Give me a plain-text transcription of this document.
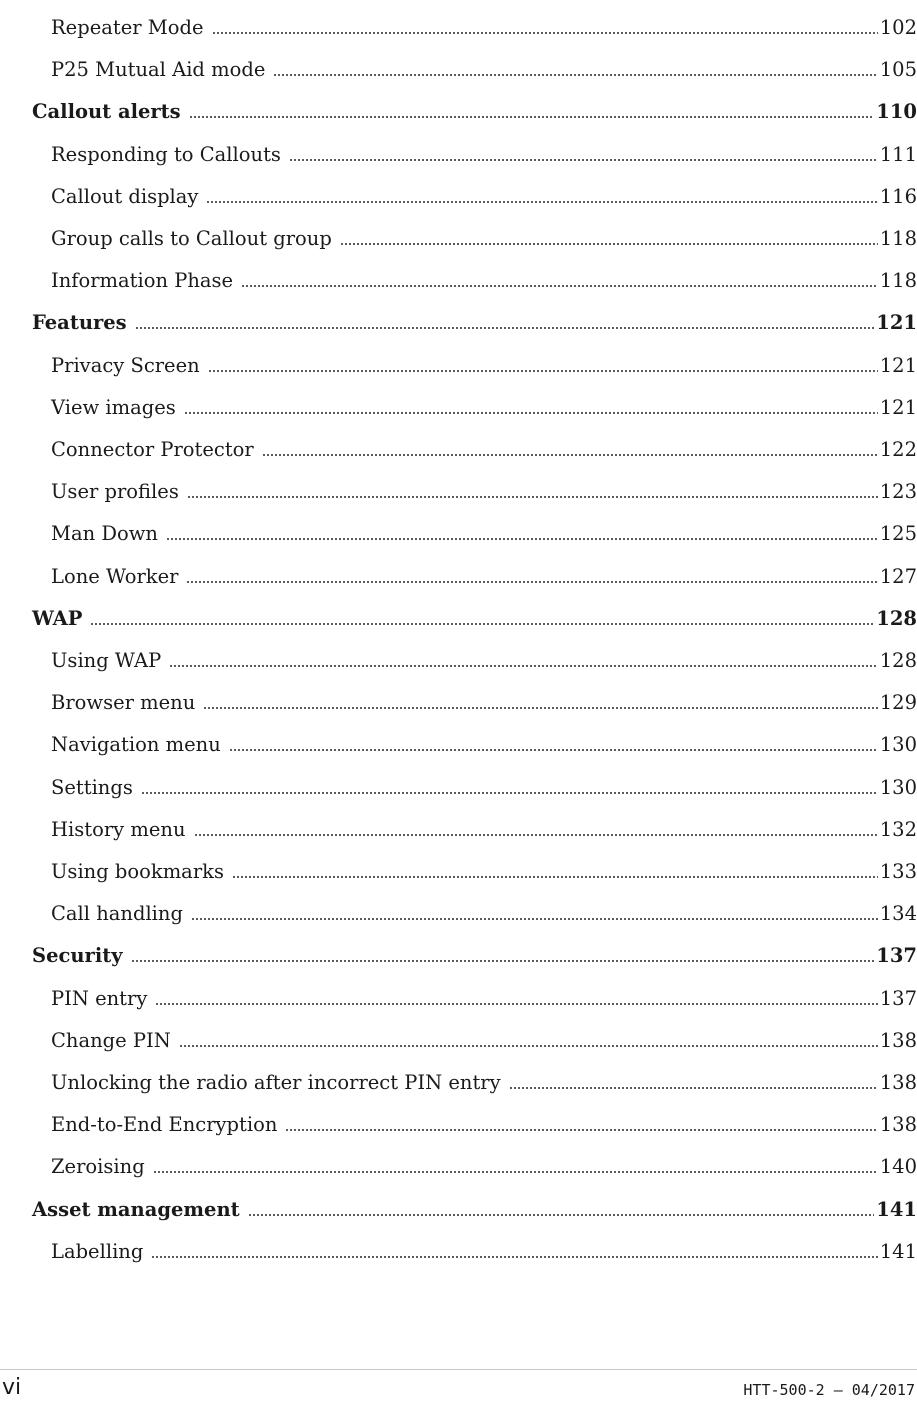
Repeater Mode	102
P25 Mutual Aid mode	105
Callout alerts	110
Responding to Callouts	111
Callout display	116
Group calls to Callout group	118
Information Phase	118
Features	121
Privacy Screen	121
View images	121
Connector Protector	122
User profiles	123
Man Down	125
Lone Worker	127
WAP	128
Using WAP	128
Browser menu	129
Navigation menu	130
Settings	130
History menu	132
Using bookmarks	133
Call handling	134
Security	137
PIN entry	137
Change PIN	138
Unlocking the radio after incorrect PIN entry	138
End-to-End Encryption	138
Zeroising	140
Asset management	141
Labelling	141
vi	HTT-500-2 – 04/2017
